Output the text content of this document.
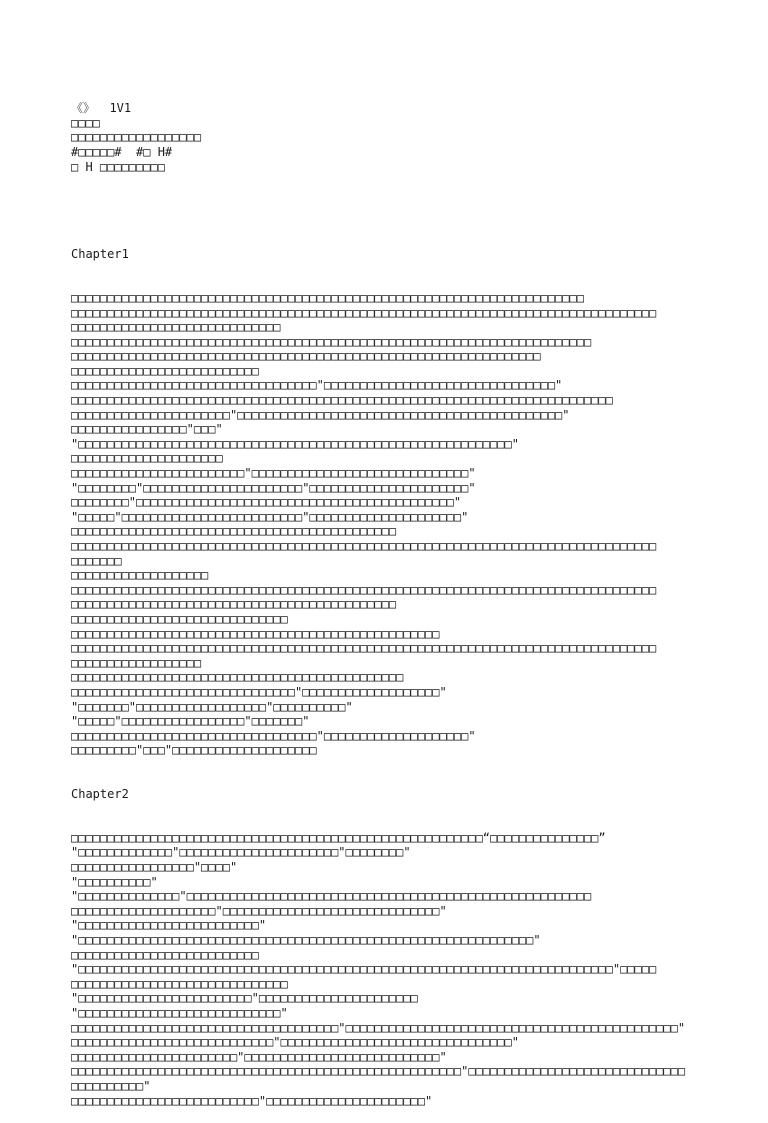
《》  1V1
□□□□
□□□□□□□□□□□□□□□□□□
#□□□□□#  #□ H#
□ H □□□□□□□□□

Chapter1

□□□□□□□□□□□□□□□□□□□□□□□□□□□□□□□□□□□□□□□□□□□□□□□□□□□□□□□□□□□□□□□□□□□□□□□
□□□□□□□□□□□□□□□□□□□□□□□□□□□□□□□□□□□□□□□□□□□□□□□□□□□□□□□□□□□□□□□□□□□□□□□□□□□□□□□□□
□□□□□□□□□□□□□□□□□□□□□□□□□□□□□
□□□□□□□□□□□□□□□□□□□□□□□□□□□□□□□□□□□□□□□□□□□□□□□□□□□□□□□□□□□□□□□□□□□□□□□□
□□□□□□□□□□□□□□□□□□□□□□□□□□□□□□□□□□□□□□□□□□□□□□□□□□□□□□□□□□□□□□□□□
□□□□□□□□□□□□□□□□□□□□□□□□□□
□□□□□□□□□□□□□□□□□□□□□□□□□□□□□□□□□□"□□□□□□□□□□□□□□□□□□□□□□□□□□□□□□□□"
□□□□□□□□□□□□□□□□□□□□□□□□□□□□□□□□□□□□□□□□□□□□□□□□□□□□□□□□□□□□□□□□□□□□□□□□□□□
□□□□□□□□□□□□□□□□□□□□□□"□□□□□□□□□□□□□□□□□□□□□□□□□□□□□□□□□□□□□□□□□□□□□"
□□□□□□□□□□□□□□□□"□□□"
"□□□□□□□□□□□□□□□□□□□□□□□□□□□□□□□□□□□□□□□□□□□□□□□□□□□□□□□□□□□□"
□□□□□□□□□□□□□□□□□□□□□
□□□□□□□□□□□□□□□□□□□□□□□□"□□□□□□□□□□□□□□□□□□□□□□□□□□□□□□"
"□□□□□□□□"□□□□□□□□□□□□□□□□□□□□□□"□□□□□□□□□□□□□□□□□□□□□□"
□□□□□□□□"□□□□□□□□□□□□□□□□□□□□□□□□□□□□□□□□□□□□□□□□□□□□"
"□□□□□"□□□□□□□□□□□□□□□□□□□□□□□□□"□□□□□□□□□□□□□□□□□□□□□"
□□□□□□□□□□□□□□□□□□□□□□□□□□□□□□□□□□□□□□□□□□□□□
□□□□□□□□□□□□□□□□□□□□□□□□□□□□□□□□□□□□□□□□□□□□□□□□□□□□□□□□□□□□□□□□□□□□□□□□□□□□□□□□□
□□□□□□□
□□□□□□□□□□□□□□□□□□□
□□□□□□□□□□□□□□□□□□□□□□□□□□□□□□□□□□□□□□□□□□□□□□□□□□□□□□□□□□□□□□□□□□□□□□□□□□□□□□□□□
□□□□□□□□□□□□□□□□□□□□□□□□□□□□□□□□□□□□□□□□□□□□□
□□□□□□□□□□□□□□□□□□□□□□□□□□□□□□
□□□□□□□□□□□□□□□□□□□□□□□□□□□□□□□□□□□□□□□□□□□□□□□□□□□
□□□□□□□□□□□□□□□□□□□□□□□□□□□□□□□□□□□□□□□□□□□□□□□□□□□□□□□□□□□□□□□□□□□□□□□□□□□□□□□□□
□□□□□□□□□□□□□□□□□□
□□□□□□□□□□□□□□□□□□□□□□□□□□□□□□□□□□□□□□□□□□□□□□
□□□□□□□□□□□□□□□□□□□□□□□□□□□□□□□"□□□□□□□□□□□□□□□□□□□"
"□□□□□□□"□□□□□□□□□□□□□□□□□□"□□□□□□□□□□"
"□□□□□"□□□□□□□□□□□□□□□□□"□□□□□□□"
□□□□□□□□□□□□□□□□□□□□□□□□□□□□□□□□□□"□□□□□□□□□□□□□□□□□□□□"
□□□□□□□□□"□□□"□□□□□□□□□□□□□□□□□□□□

Chapter2

□□□□□□□□□□□□□□□□□□□□□□□□□□□□□□□□□□□□□□□□□□□□□□□□□□□□□□□□□“□□□□□□□□□□□□□□□”
"□□□□□□□□□□□□□"□□□□□□□□□□□□□□□□□□□□□□"□□□□□□□□"
□□□□□□□□□□□□□□□□□"□□□□"
"□□□□□□□□□□"
"□□□□□□□□□□□□□□"□□□□□□□□□□□□□□□□□□□□□□□□□□□□□□□□□□□□□□□□□□□□□□□□□□□□□□□□
□□□□□□□□□□□□□□□□□□□□"□□□□□□□□□□□□□□□□□□□□□□□□□□□□□□"
"□□□□□□□□□□□□□□□□□□□□□□□□□"
"□□□□□□□□□□□□□□□□□□□□□□□□□□□□□□□□□□□□□□□□□□□□□□□□□□□□□□□□□□□□□□□"
□□□□□□□□□□□□□□□□□□□□□□□□□□
"□□□□□□□□□□□□□□□□□□□□□□□□□□□□□□□□□□□□□□□□□□□□□□□□□□□□□□□□□□□□□□□□□□□□□□□□□□"□□□□□
□□□□□□□□□□□□□□□□□□□□□□□□□□□□□□
"□□□□□□□□□□□□□□□□□□□□□□□□"□□□□□□□□□□□□□□□□□□□□□□
"□□□□□□□□□□□□□□□□□□□□□□□□□□□□"
□□□□□□□□□□□□□□□□□□□□□□□□□□□□□□□□□□□□□"□□□□□□□□□□□□□□□□□□□□□□□□□□□□□□□□□□□□□□□□□□□□□□"
□□□□□□□□□□□□□□□□□□□□□□□□□□□□"□□□□□□□□□□□□□□□□□□□□□□□□□□□□□□□□"
□□□□□□□□□□□□□□□□□□□□□□□"□□□□□□□□□□□□□□□□□□□□□□□□□□□"
□□□□□□□□□□□□□□□□□□□□□□□□□□□□□□□□□□□□□□□□□□□□□□□□□□□□□□"□□□□□□□□□□□□□□□□□□□□□□□□□□□□□□
□□□□□□□□□□"
□□□□□□□□□□□□□□□□□□□□□□□□□□"□□□□□□□□□□□□□□□□□□□□□□"
